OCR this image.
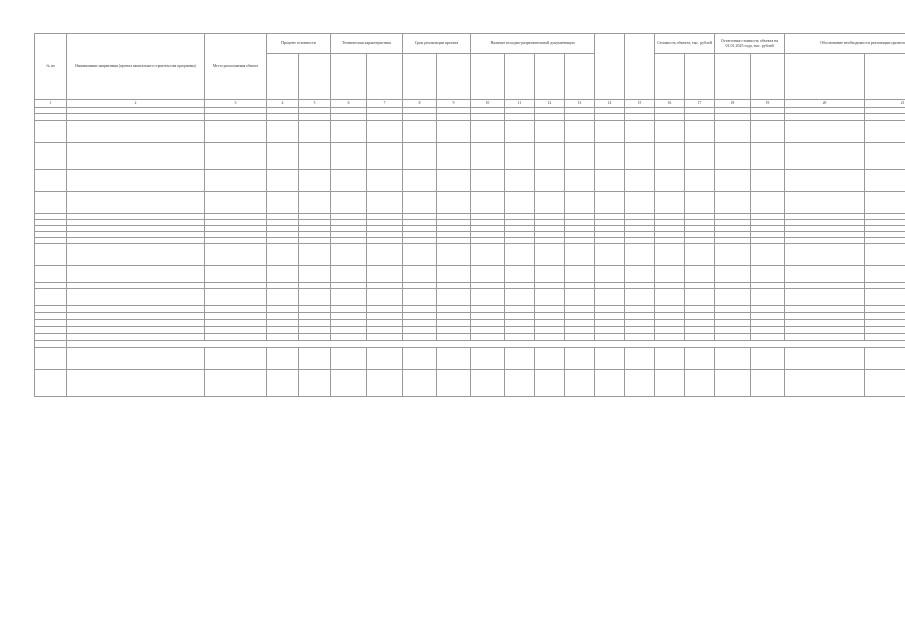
№ пп	Наименование направления (проекта капитального строительства программы)	Место расположения объекта	Процент готовности		Техническая характеристика		Срок реализации проекта		Наличие исходно-разрешительной документации						Стоимость объекта, тыс. рублей		Остаточная стоимость объекта на 01.01.2025 года, тыс. рублей		Обоснование необходимости реализации проекта		

1	2	3	4	5	6	7	8	9	10	11	12	13	14	15	16	17	18	19	20	21	
